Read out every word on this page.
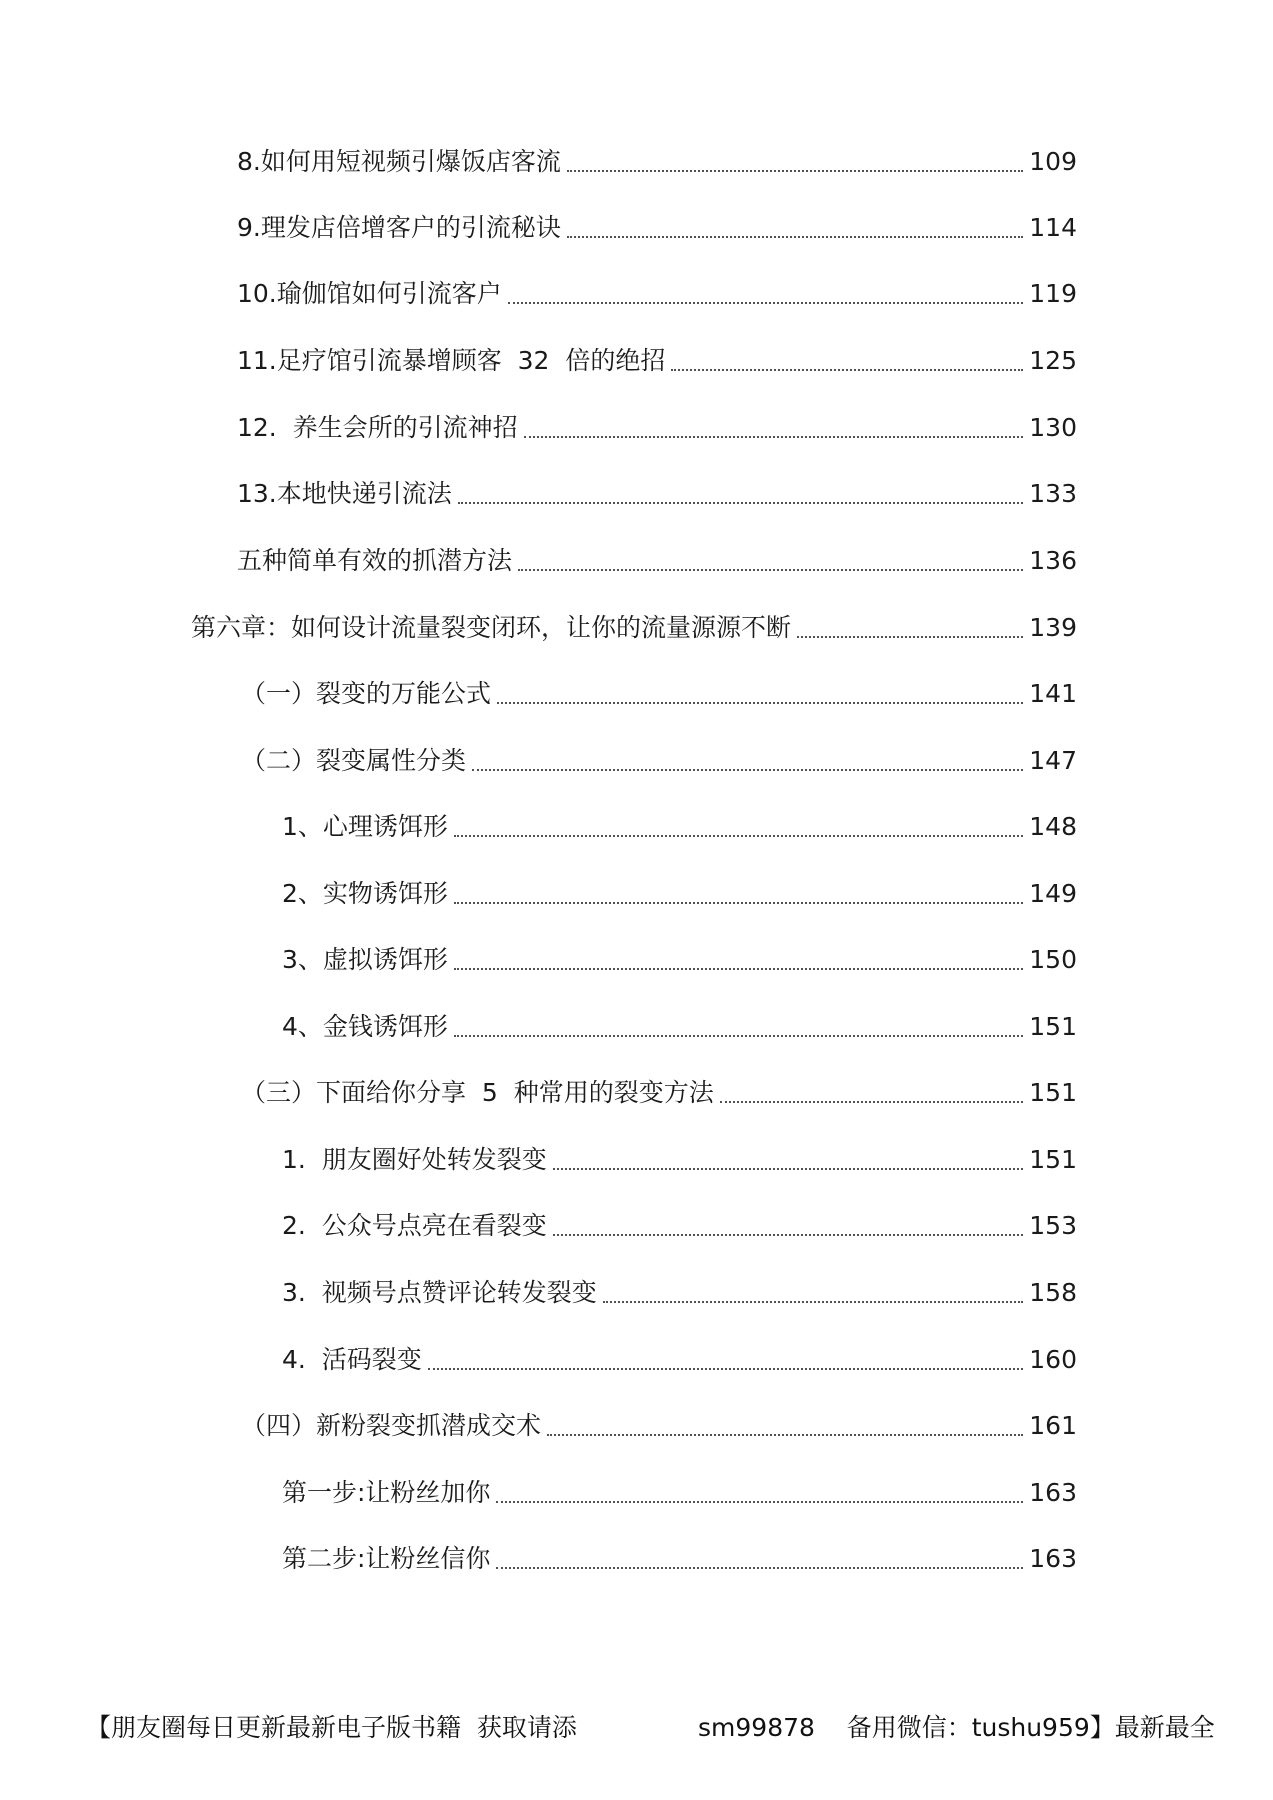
8.如何用短视频引爆饭店客流	109
9.理发店倍增客户的引流秘诀	114
10.瑜伽馆如何引流客户	119
11.足疗馆引流暴增顾客  32  倍的绝招	125
12.  养生会所的引流神招	130
13.本地快递引流法	133
五种简单有效的抓潜方法	136
第六章：如何设计流量裂变闭环，让你的流量源源不断	139
（一）裂变的万能公式	141
（二）裂变属性分类	147
1、心理诱饵形	148
2、实物诱饵形	149
3、虚拟诱饵形	150
4、金钱诱饵形	151
（三）下面给你分享  5  种常用的裂变方法	151
1.  朋友圈好处转发裂变	151
2.  公众号点亮在看裂变	153
3.  视频号点赞评论转发裂变	158
4.  活码裂变	160
（四）新粉裂变抓潜成交术	161
第一步:让粉丝加你	163
第二步:让粉丝信你	163
【朋友圈每日更新最新电子版书籍  获取请添	sm99878    备用微信：tushu959】最新最全
